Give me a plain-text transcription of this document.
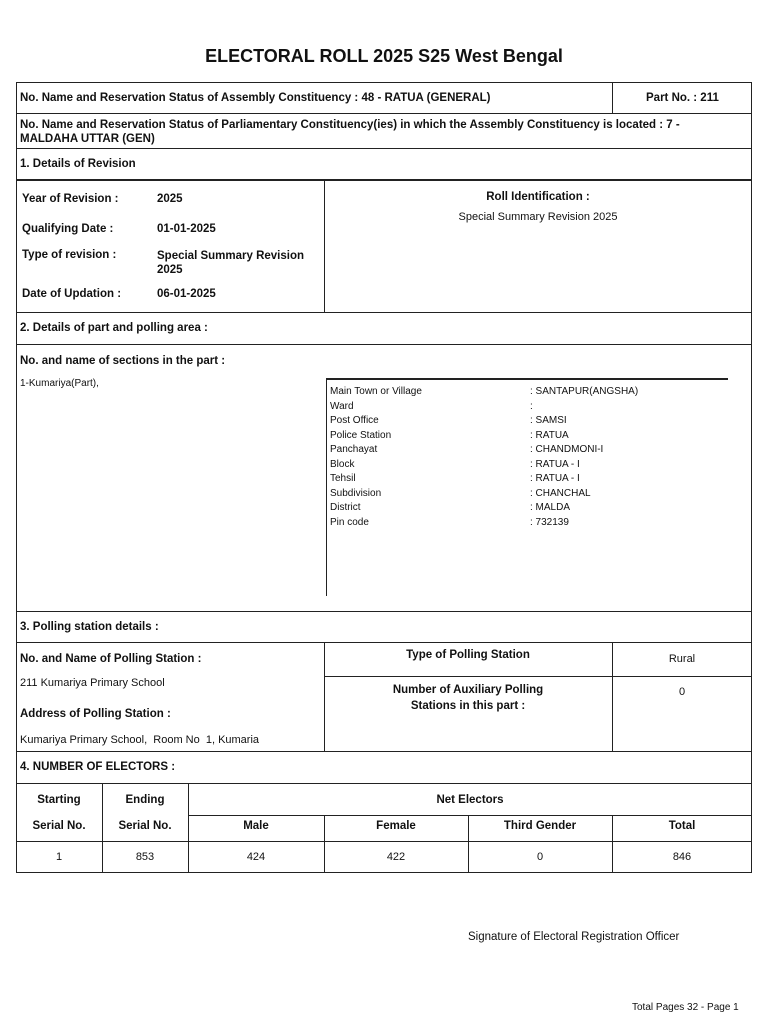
ELECTORAL ROLL 2025 S25 West Bengal
No. Name and Reservation Status of Assembly Constituency : 48 - RATUA (GENERAL)	Part No. : 211
No. Name and Reservation Status of Parliamentary Constituency(ies) in which the Assembly Constituency is located : 7 - MALDAHA UTTAR (GEN)
1. Details of Revision
Year of Revision :	2025
Qualifying Date :	01-01-2025
Type of revision :	Special Summary Revision 2025
Date of Updation :	06-01-2025
Roll Identification :
Special Summary Revision 2025
2. Details of part and polling area :
No. and name of sections in the part :
1-Kumariya(Part),
Main Town or Village	: SANTAPUR(ANGSHA)
Ward	:
Post Office	: SAMSI
Police Station	: RATUA
Panchayat	: CHANDMONI-I
Block	: RATUA - I
Tehsil	: RATUA - I
Subdivision	: CHANCHAL
District	: MALDA
Pin code	: 732139
3. Polling station details :
No. and Name of Polling Station :
211 Kumariya Primary School
Address of Polling Station :
Kumariya Primary School,  Room No  1, Kumaria
Type of Polling Station	Rural
Number of Auxiliary Polling Stations in this part :
0
4. NUMBER OF ELECTORS :
Starting
Serial No.
Ending
Serial No.
Net Electors
Male	Female	Third Gender	Total
1	853	424	422	0	846
Signature of Electoral Registration Officer
Total Pages 32 - Page 1
